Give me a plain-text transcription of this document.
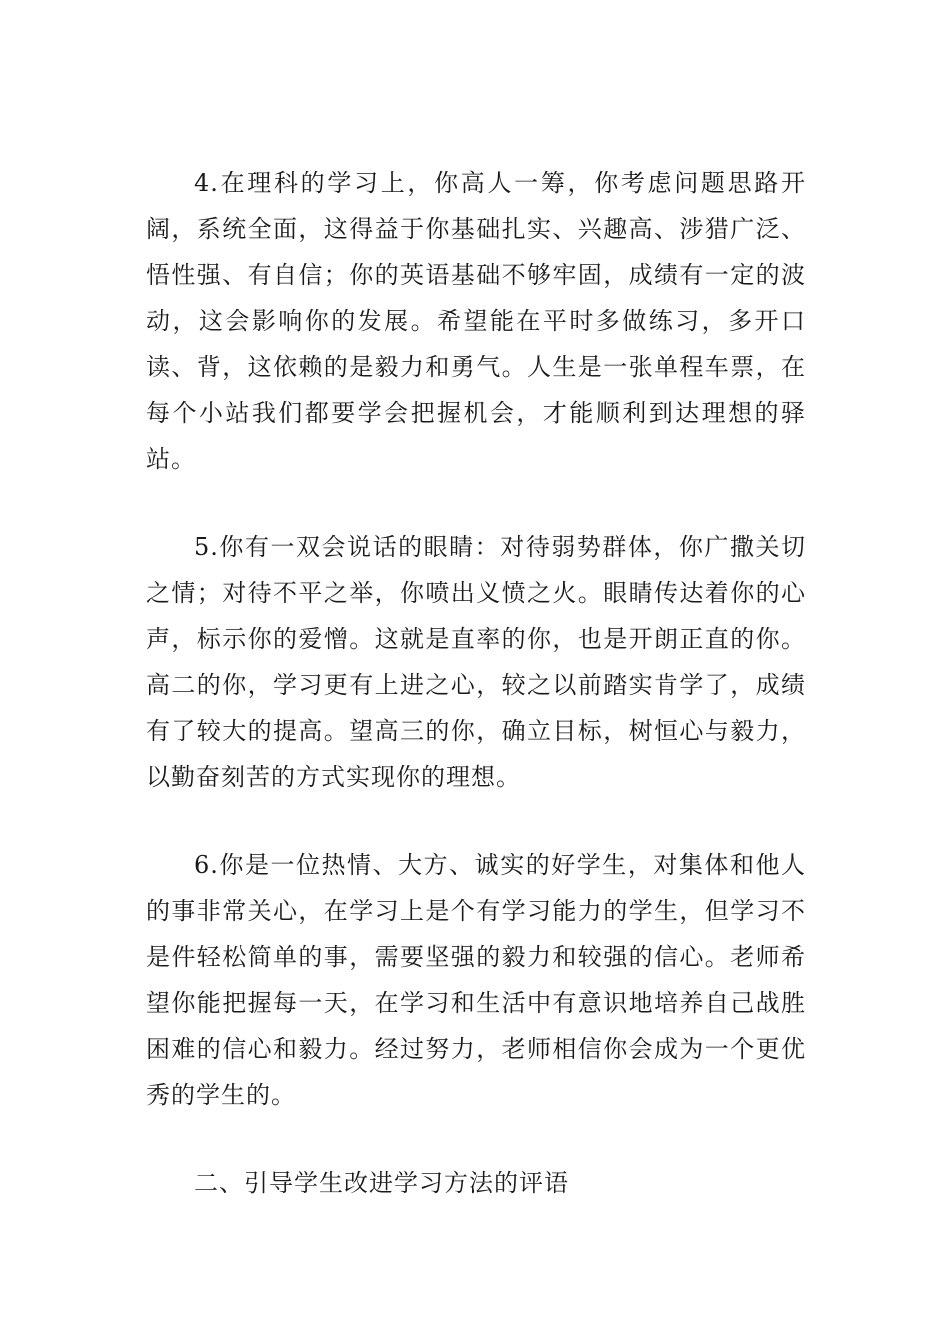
4.在理科的学习上，你高人一筹，你考虑问题思路开阔，系统全面，这得益于你基础扎实、兴趣高、涉猎广泛、悟性强、有自信；你的英语基础不够牢固，成绩有一定的波动，这会影响你的发展。希望能在平时多做练习，多开口读、背，这依赖的是毅力和勇气。人生是一张单程车票，在每个小站我们都要学会把握机会，才能顺利到达理想的驿站。

5.你有一双会说话的眼睛：对待弱势群体，你广撒关切之情；对待不平之举，你喷出义愤之火。眼睛传达着你的心声，标示你的爱憎。这就是直率的你，也是开朗正直的你。高二的你，学习更有上进之心，较之以前踏实肯学了，成绩有了较大的提高。望高三的你，确立目标，树恒心与毅力，以勤奋刻苦的方式实现你的理想。

6.你是一位热情、大方、诚实的好学生，对集体和他人的事非常关心，在学习上是个有学习能力的学生，但学习不是件轻松简单的事，需要坚强的毅力和较强的信心。老师希望你能把握每一天，在学习和生活中有意识地培养自己战胜困难的信心和毅力。经过努力，老师相信你会成为一个更优秀的学生的。

二、引导学生改进学习方法的评语
